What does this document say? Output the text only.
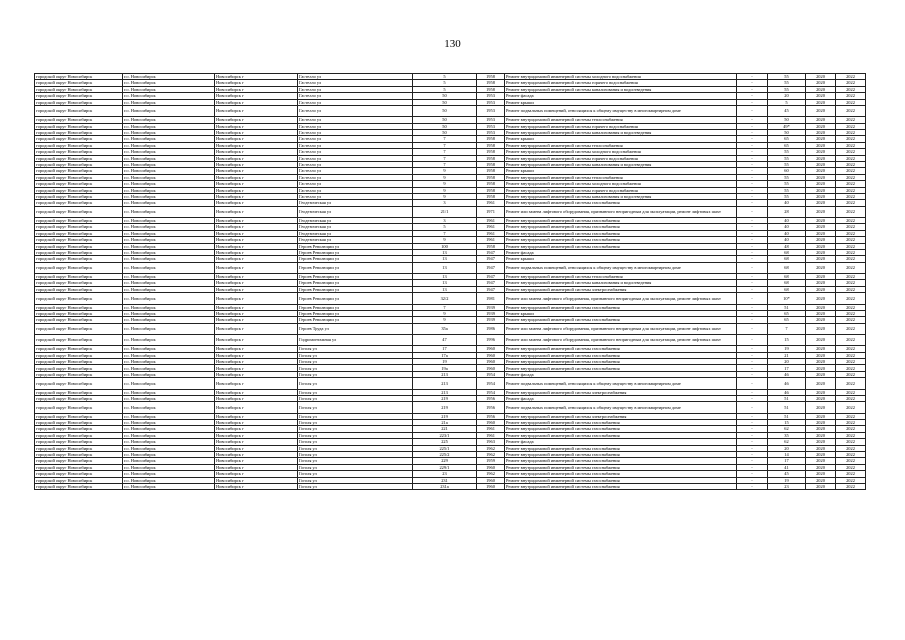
130
городской округ Новосибирск	г.о. Новосибирск	Новосибирск г	Гастелло ул	5	1958	Ремонт внутридомовой инженерной системы холодного водоснабжения	-	55	2020	2022
городской округ Новосибирск	г.о. Новосибирск	Новосибирск г	Гастелло ул	5	1958	Ремонт внутридомовой инженерной системы горячего водоснабжения	-	55	2020	2022
городской округ Новосибирск	г.о. Новосибирск	Новосибирск г	Гастелло ул	5	1958	Ремонт внутридомовой инженерной системы канализования и водоотведения	-	55	2020	2022
городской округ Новосибирск	г.о. Новосибирск	Новосибирск г	Гастелло ул	50	1953	Ремонт фасада	-	20	2020	2022
городской округ Новосибирск	г.о. Новосибирск	Новосибирск г	Гастелло ул	50	1953	Ремонт крыши	-	5	2020	2022
городской округ Новосибирск	г.о. Новосибирск	Новосибирск г	Гастелло ул	50	1953	Ремонт подвальных помещений, относящихся к общему имуществу в многоквартирном доме	-	45	2020	2022
городской округ Новосибирск	г.о. Новосибирск	Новосибирск г	Гастелло ул	50	1953	Ремонт внутридомовой инженерной системы теплоснабжения	-	50	2020	2022
городской округ Новосибирск	г.о. Новосибирск	Новосибирск г	Гастелло ул	50	1953	Ремонт внутридомовой инженерной системы горячего водоснабжения	-	49*	2020	2022
городской округ Новосибирск	г.о. Новосибирск	Новосибирск г	Гастелло ул	50	1953	Ремонт внутридомовой инженерной системы канализования и водоотведения	-	50	2020	2022
городской округ Новосибирск	г.о. Новосибирск	Новосибирск г	Гастелло ул	7	1958	Ремонт крыши	-	65	2020	2022
городской округ Новосибирск	г.о. Новосибирск	Новосибирск г	Гастелло ул	7	1958	Ремонт внутридомовой инженерной системы теплоснабжения	-	65	2020	2022
городской округ Новосибирск	г.о. Новосибирск	Новосибирск г	Гастелло ул	7	1958	Ремонт внутридомовой инженерной системы холодного водоснабжения	-	55	2020	2022
городской округ Новосибирск	г.о. Новосибирск	Новосибирск г	Гастелло ул	7	1958	Ремонт внутридомовой инженерной системы горячего водоснабжения	-	55	2020	2022
городской округ Новосибирск	г.о. Новосибирск	Новосибирск г	Гастелло ул	7	1958	Ремонт внутридомовой инженерной системы канализования и водоотведения	-	55	2020	2022
городской округ Новосибирск	г.о. Новосибирск	Новосибирск г	Гастелло ул	9	1958	Ремонт крыши	-	60	2020	2022
городской округ Новосибирск	г.о. Новосибирск	Новосибирск г	Гастелло ул	9	1958	Ремонт внутридомовой инженерной системы теплоснабжения	-	55	2020	2022
городской округ Новосибирск	г.о. Новосибирск	Новосибирск г	Гастелло ул	9	1958	Ремонт внутридомовой инженерной системы холодного водоснабжения	-	55	2020	2022
городской округ Новосибирск	г.о. Новосибирск	Новосибирск г	Гастелло ул	9	1958	Ремонт внутридомовой инженерной системы горячего водоснабжения	-	55	2020	2022
городской округ Новосибирск	г.о. Новосибирск	Новосибирск г	Гастелло ул	9	1958	Ремонт внутридомовой инженерной системы канализования и водоотведения	-	55	2020	2022
городской округ Новосибирск	г.о. Новосибирск	Новосибирск г	Геодезическая ул	3	1961	Ремонт внутридомовой инженерной системы газоснабжения	-	40	2020	2022
городской округ Новосибирск	г.о. Новосибирск	Новосибирск г	Геодезическая ул	21/1	1971	Ремонт или замена лифтового оборудования, признанного непригодным для эксплуатации, ремонт лифтовых шахт	-	28	2020	2022
городской округ Новосибирск	г.о. Новосибирск	Новосибирск г	Геодезическая ул	3	1961	Ремонт внутридомовой инженерной системы газоснабжения	-	40	2020	2022
городской округ Новосибирск	г.о. Новосибирск	Новосибирск г	Геодезическая ул	5	1961	Ремонт внутридомовой инженерной системы газоснабжения	-	40	2020	2022
городской округ Новосибирск	г.о. Новосибирск	Новосибирск г	Геодезическая ул	7	1961	Ремонт внутридомовой инженерной системы газоснабжения	-	40	2020	2022
городской округ Новосибирск	г.о. Новосибирск	Новосибирск г	Геодезическая ул	9	1961	Ремонт внутридомовой инженерной системы газоснабжения	-	40	2020	2022
городской округ Новосибирск	г.о. Новосибирск	Новосибирск г	Героев Революции ул	100	1958	Ремонт внутридомовой инженерной системы газоснабжения	-	48	2020	2022
городской округ Новосибирск	г.о. Новосибирск	Новосибирск г	Героев Революции ул	13	1947	Ремонт фасада	-	68	2020	2022
городской округ Новосибирск	г.о. Новосибирск	Новосибирск г	Героев Революции ул	13	1947	Ремонт крыши	-	68	2020	2022
городской округ Новосибирск	г.о. Новосибирск	Новосибирск г	Героев Революции ул	13	1947	Ремонт подвальных помещений, относящихся к общему имуществу в многоквартирном доме	-	68	2020	2022
городской округ Новосибирск	г.о. Новосибирск	Новосибирск г	Героев Революции ул	13	1947	Ремонт внутридомовой инженерной системы теплоснабжения	-	68	2020	2022
городской округ Новосибирск	г.о. Новосибирск	Новосибирск г	Героев Революции ул	13	1947	Ремонт внутридомовой инженерной системы канализования и водоотведения	-	68	2020	2022
городской округ Новосибирск	г.о. Новосибирск	Новосибирск г	Героев Революции ул	13	1947	Ремонт внутридомовой инженерной системы электроснабжения	-	68	2020	2022
городской округ Новосибирск	г.о. Новосибирск	Новосибирск г	Героев Революции ул	32/2	1981	Ремонт или замена лифтового оборудования, признанного непригодным для эксплуатации, ремонт лифтовых шахт	-	10*	2020	2022
городской округ Новосибирск	г.о. Новосибирск	Новосибирск г	Героев Революции ул	7	1939	Ремонт внутридомовой инженерной системы газоснабжения	-	51	2020	2022
городской округ Новосибирск	г.о. Новосибирск	Новосибирск г	Героев Революции ул	9	1939	Ремонт крыши	-	65	2020	2022
городской округ Новосибирск	г.о. Новосибирск	Новосибирск г	Героев Революции ул	9	1939	Ремонт внутридомовой инженерной системы газоснабжения	-	65	2020	2022
городской округ Новосибирск	г.о. Новосибирск	Новосибирск г	Героев Труда ул	35а	1986	Ремонт или замена лифтового оборудования, признанного непригодным для эксплуатации, ремонт лифтовых шахт	-	7	2020	2022
городской округ Новосибирск	г.о. Новосибирск	Новосибирск г	Гидромонтажная ул	47	1996	Ремонт или замена лифтового оборудования, признанного непригодным для эксплуатации, ремонт лифтовых шахт	-	15	2020	2022
городской округ Новосибирск	г.о. Новосибирск	Новосибирск г	Гоголя ул	17	1960	Ремонт внутридомовой инженерной системы газоснабжения	-	19	2020	2022
городской округ Новосибирск	г.о. Новосибирск	Новосибирск г	Гоголя ул	17а	1960	Ремонт внутридомовой инженерной системы газоснабжения	-	21	2020	2022
городской округ Новосибирск	г.о. Новосибирск	Новосибирск г	Гоголя ул	19	1960	Ремонт внутридомовой инженерной системы газоснабжения	-	20	2020	2022
городской округ Новосибирск	г.о. Новосибирск	Новосибирск г	Гоголя ул	19а	1960	Ремонт внутридомовой инженерной системы газоснабжения	-	17	2020	2022
городской округ Новосибирск	г.о. Новосибирск	Новосибирск г	Гоголя ул	213	1954	Ремонт фасада	-	46	2020	2022
городской округ Новосибирск	г.о. Новосибирск	Новосибирск г	Гоголя ул	213	1954	Ремонт подвальных помещений, относящихся к общему имуществу в многоквартирном доме	-	46	2020	2022
городской округ Новосибирск	г.о. Новосибирск	Новосибирск г	Гоголя ул	213	1954	Ремонт внутридомовой инженерной системы электроснабжения	-	46	2020	2022
городской округ Новосибирск	г.о. Новосибирск	Новосибирск г	Гоголя ул	219	1956	Ремонт фасада	-	51	2020	2022
городской округ Новосибирск	г.о. Новосибирск	Новосибирск г	Гоголя ул	219	1956	Ремонт подвальных помещений, относящихся к общему имуществу в многоквартирном доме	-	51	2020	2022
городской округ Новосибирск	г.о. Новосибирск	Новосибирск г	Гоголя ул	219	1956	Ремонт внутридомовой инженерной системы электроснабжения	-	51	2020	2022
городской округ Новосибирск	г.о. Новосибирск	Новосибирск г	Гоголя ул	21а	1960	Ремонт внутридомовой инженерной системы газоснабжения	-	15	2020	2022
городской округ Новосибирск	г.о. Новосибирск	Новосибирск г	Гоголя ул	221	1961	Ремонт внутридомовой инженерной системы газоснабжения	-	62	2020	2022
городской округ Новосибирск	г.о. Новосибирск	Новосибирск г	Гоголя ул	223/1	1961	Ремонт внутридомовой инженерной системы газоснабжения	-	35	2020	2022
городской округ Новосибирск	г.о. Новосибирск	Новосибирск г	Гоголя ул	225	1963	Ремонт фасада	-	62	2020	2022
городской округ Новосибирск	г.о. Новосибирск	Новосибирск г	Гоголя ул	225/1	1962	Ремонт внутридомовой инженерной системы газоснабжения	-	20	2020	2022
городской округ Новосибирск	г.о. Новосибирск	Новосибирск г	Гоголя ул	225/2	1962	Ремонт внутридомовой инженерной системы газоснабжения	-	14	2020	2022
городской округ Новосибирск	г.о. Новосибирск	Новосибирск г	Гоголя ул	229	1959	Ремонт внутридомовой инженерной системы газоснабжения	-	17	2020	2022
городской округ Новосибирск	г.о. Новосибирск	Новосибирск г	Гоголя ул	229/1	1960	Ремонт внутридомовой инженерной системы газоснабжения	-	41	2020	2022
городской округ Новосибирск	г.о. Новосибирск	Новосибирск г	Гоголя ул	23	1962	Ремонт внутридомовой инженерной системы газоснабжения	-	45	2020	2022
городской округ Новосибирск	г.о. Новосибирск	Новосибирск г	Гоголя ул	231	1960	Ремонт внутридомовой инженерной системы газоснабжения	-	19	2020	2022
городской округ Новосибирск	г.о. Новосибирск	Новосибирск г	Гоголя ул	231а	1960	Ремонт внутридомовой инженерной системы газоснабжения	-	23	2020	2022
